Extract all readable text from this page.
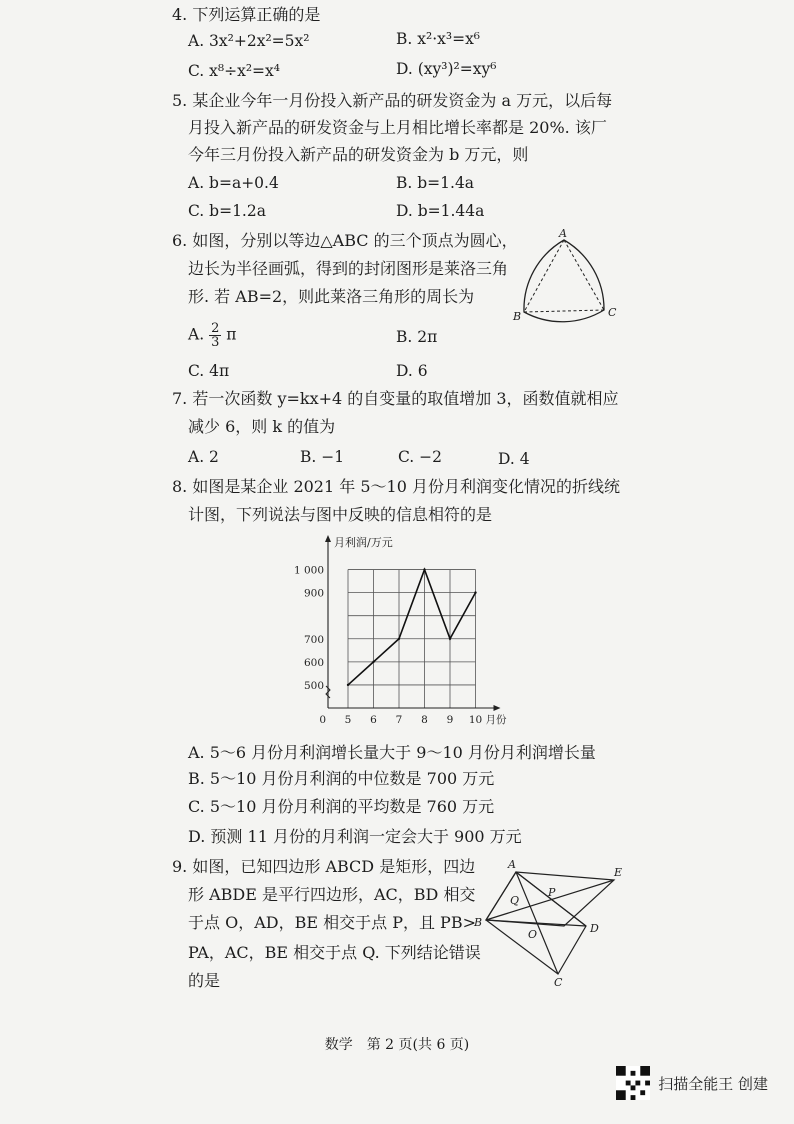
4. 下列运算正确的是
A. 3x²+2x²=5x²	B. x²·x³=x⁶
C. x⁸÷x²=x⁴	D. (xy³)²=xy⁶
5. 某企业今年一月份投入新产品的研发资金为 a 万元，以后每
月投入新产品的研发资金与上月相比增长率都是 20%. 该厂
今年三月份投入新产品的研发资金为 b 万元，则
A. b=a+0.4	B. b=1.4a
C. b=1.2a	D. b=1.44a
6. 如图，分别以等边△ABC 的三个顶点为圆心，
边长为半径画弧，得到的封闭图形是莱洛三角
形. 若 AB=2，则此莱洛三角形的周长为
A. $\frac{2}{3}$ π	B. 2π
C. 4π	D. 6
A
B	C
7. 若一次函数 y=kx+4 的自变量的取值增加 3，函数值就相应
减少 6，则 k 的值为
A. 2	B. −1	C. −2	D. 4
8. 如图是某企业 2021 年 5～10 月份月利润变化情况的折线统
计图，下列说法与图中反映的信息相符的是
500
600
700
900
1 000
5 6 7 8 9 10
0
月利润/万元
月份
A. 5～6 月份月利润增长量大于 9～10 月份月利润增长量
B. 5～10 月份月利润的中位数是 700 万元
C. 5～10 月份月利润的平均数是 760 万元
D. 预测 11 月份的月利润一定会大于 900 万元
9. 如图，已知四边形 ABCD 是矩形，四边
形 ABDE 是平行四边形，AC，BD 相交
于点 O，AD，BE 相交于点 P，且 PB>
PA，AC，BE 相交于点 Q. 下列结论错误
的是
A
B
C
D
E
O
P
Q
数学　第 2 页(共 6 页)
扫描全能王 创建
